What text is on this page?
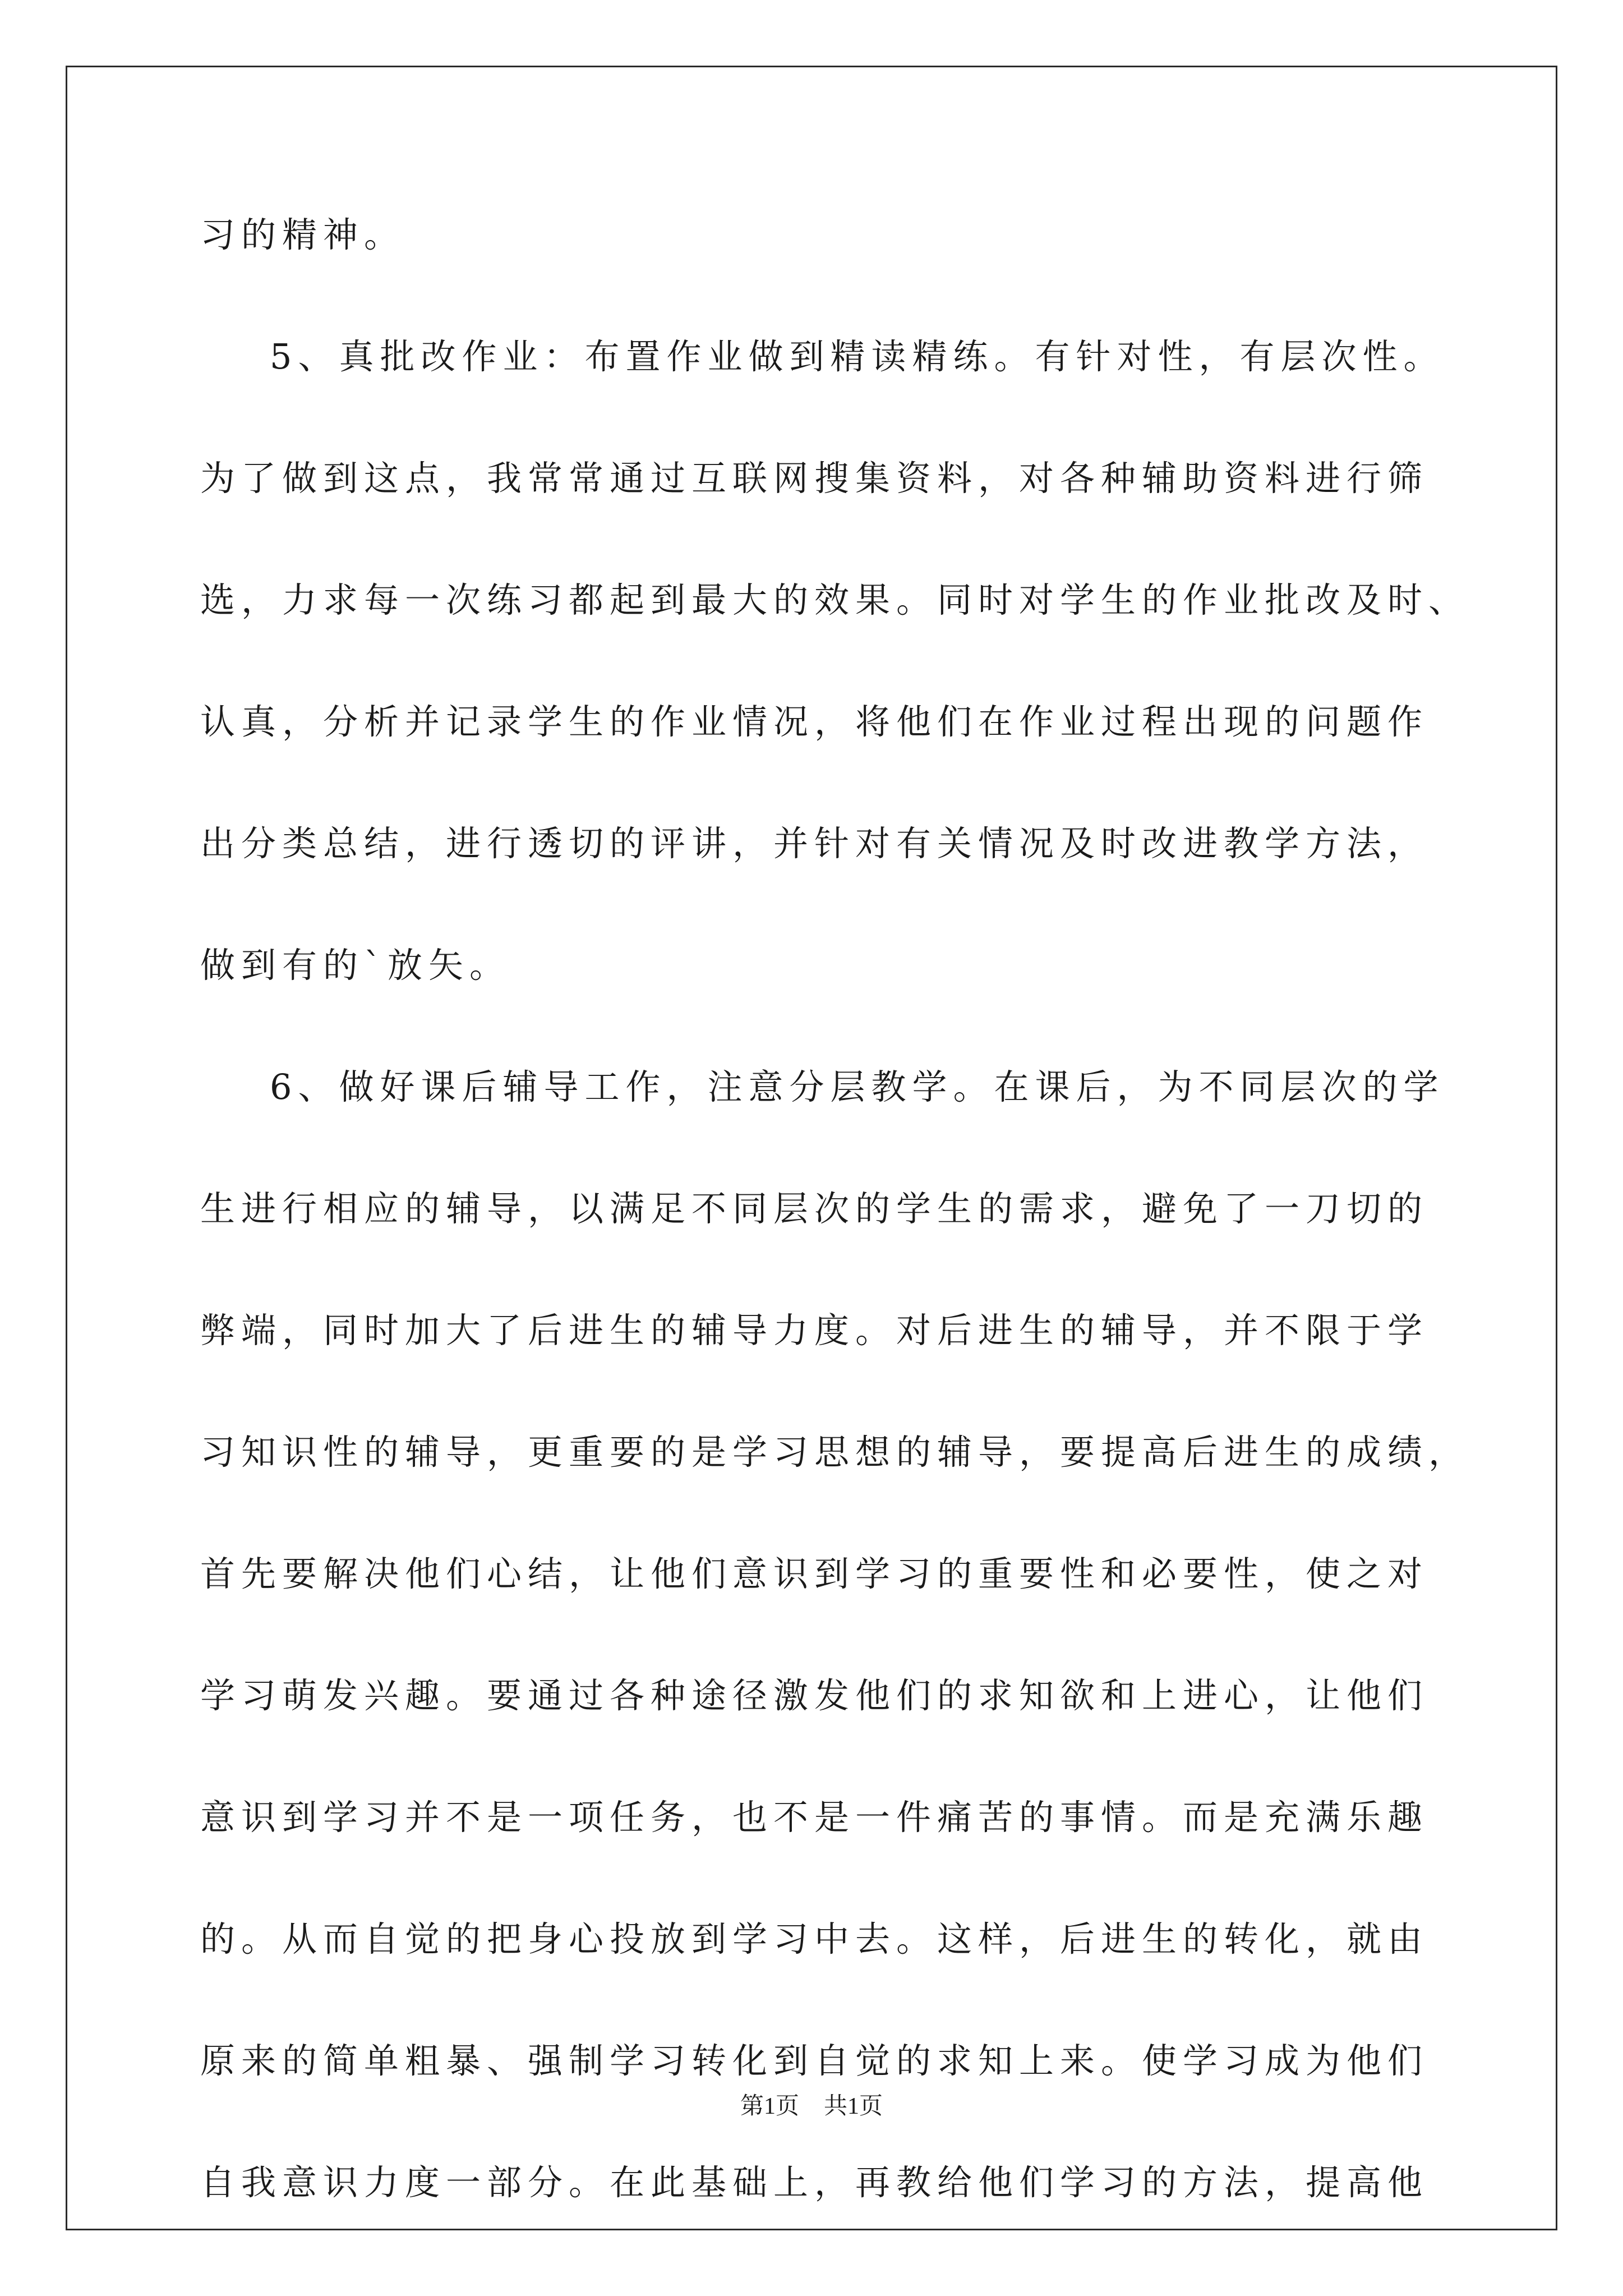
习的精神。
5、真批改作业：布置作业做到精读精练。有针对性，有层次性。
为了做到这点，我常常通过互联网搜集资料，对各种辅助资料进行筛
选，力求每一次练习都起到最大的效果。同时对学生的作业批改及时、
认真，分析并记录学生的作业情况，将他们在作业过程出现的问题作
出分类总结，进行透切的评讲，并针对有关情况及时改进教学方法，
做到有的`放矢。
6、做好课后辅导工作，注意分层教学。在课后，为不同层次的学
生进行相应的辅导，以满足不同层次的学生的需求，避免了一刀切的
弊端，同时加大了后进生的辅导力度。对后进生的辅导，并不限于学
习知识性的辅导，更重要的是学习思想的辅导，要提高后进生的成绩，
首先要解决他们心结，让他们意识到学习的重要性和必要性，使之对
学习萌发兴趣。要通过各种途径激发他们的求知欲和上进心，让他们
意识到学习并不是一项任务，也不是一件痛苦的事情。而是充满乐趣
的。从而自觉的把身心投放到学习中去。这样，后进生的转化，就由
原来的简单粗暴、强制学习转化到自觉的求知上来。使学习成为他们
自我意识力度一部分。在此基础上，再教给他们学习的方法，提高他
第1页 共1页
